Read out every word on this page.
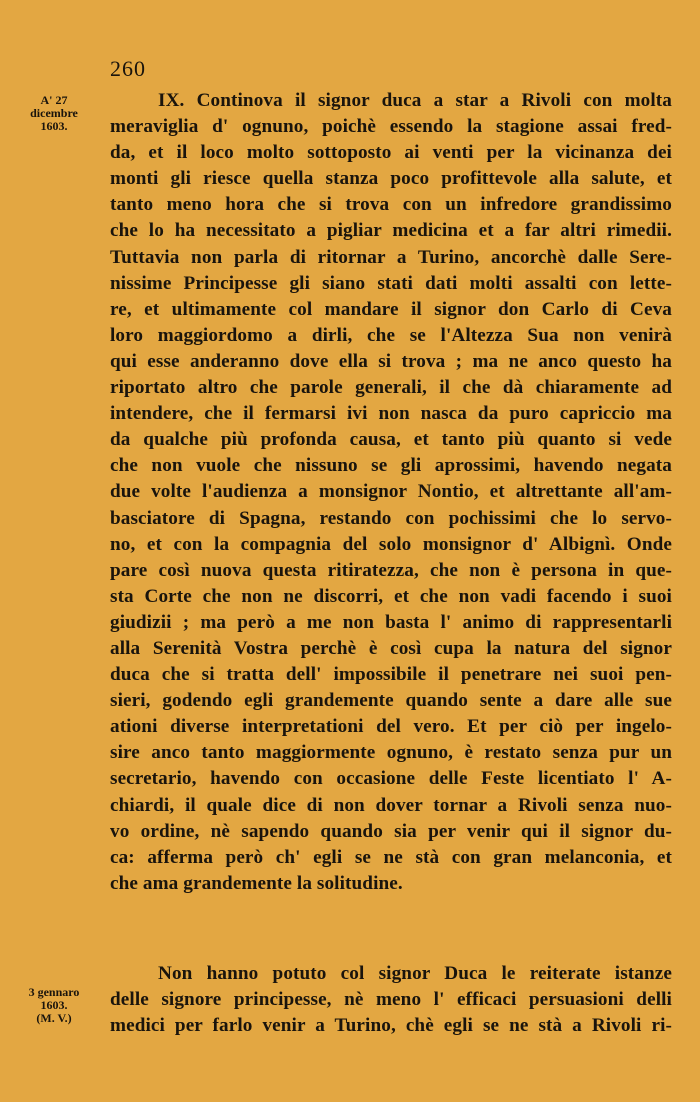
260
A' 27
dicembre
1603.
3 gennaro
1603.
(M. V.)
IX. Continova il signor duca a star a Rivoli con molta
meraviglia d' ognuno, poichè essendo la stagione assai fred-
da, et il loco molto sottoposto ai venti per la vicinanza dei
monti gli riesce quella stanza poco profittevole alla salute, et
tanto meno hora che si trova con un infredore grandissimo
che lo ha necessitato a pigliar medicina et a far altri rimedii.
Tuttavia non parla di ritornar a Turino, ancorchè dalle Sere-
nissime Principesse gli siano stati dati molti assalti con lette-
re, et ultimamente col mandare il signor don Carlo di Ceva
loro maggiordomo a dirli, che se l'Altezza Sua non venirà
qui esse anderanno dove ella si trova ; ma ne anco questo ha
riportato altro che parole generali, il che dà chiaramente ad
intendere, che il fermarsi ivi non nasca da puro capriccio ma
da qualche più profonda causa, et tanto più quanto si vede
che non vuole che nissuno se gli aprossimi, havendo negata
due volte l'audienza a monsignor Nontio, et altrettante all'am-
basciatore di Spagna, restando con pochissimi che lo servo-
no, et con la compagnia del solo monsignor d' Albignì. Onde
pare così nuova questa ritiratezza, che non è persona in que-
sta Corte che non ne discorri, et che non vadi facendo i suoi
giudizii ; ma però a me non basta l' animo di rappresentarli
alla Serenità Vostra perchè è così cupa la natura del signor
duca che si tratta dell' impossibile il penetrare nei suoi pen-
sieri, godendo egli grandemente quando sente a dare alle sue
ationi diverse interpretationi del vero. Et per ciò per ingelo-
sire anco tanto maggiormente ognuno, è restato senza pur un
secretario, havendo con occasione delle Feste licentiato l' A-
chiardi, il quale dice di non dover tornar a Rivoli senza nuo-
vo ordine, nè sapendo quando sia per venir qui il signor du-
ca: afferma però ch' egli se ne stà con gran melanconia, et
che ama grandemente la solitudine.
Non hanno potuto col signor Duca le reiterate istanze
delle signore principesse, nè meno l' efficaci persuasioni delli
medici per farlo venir a Turino, chè egli se ne stà a Rivoli ri-
